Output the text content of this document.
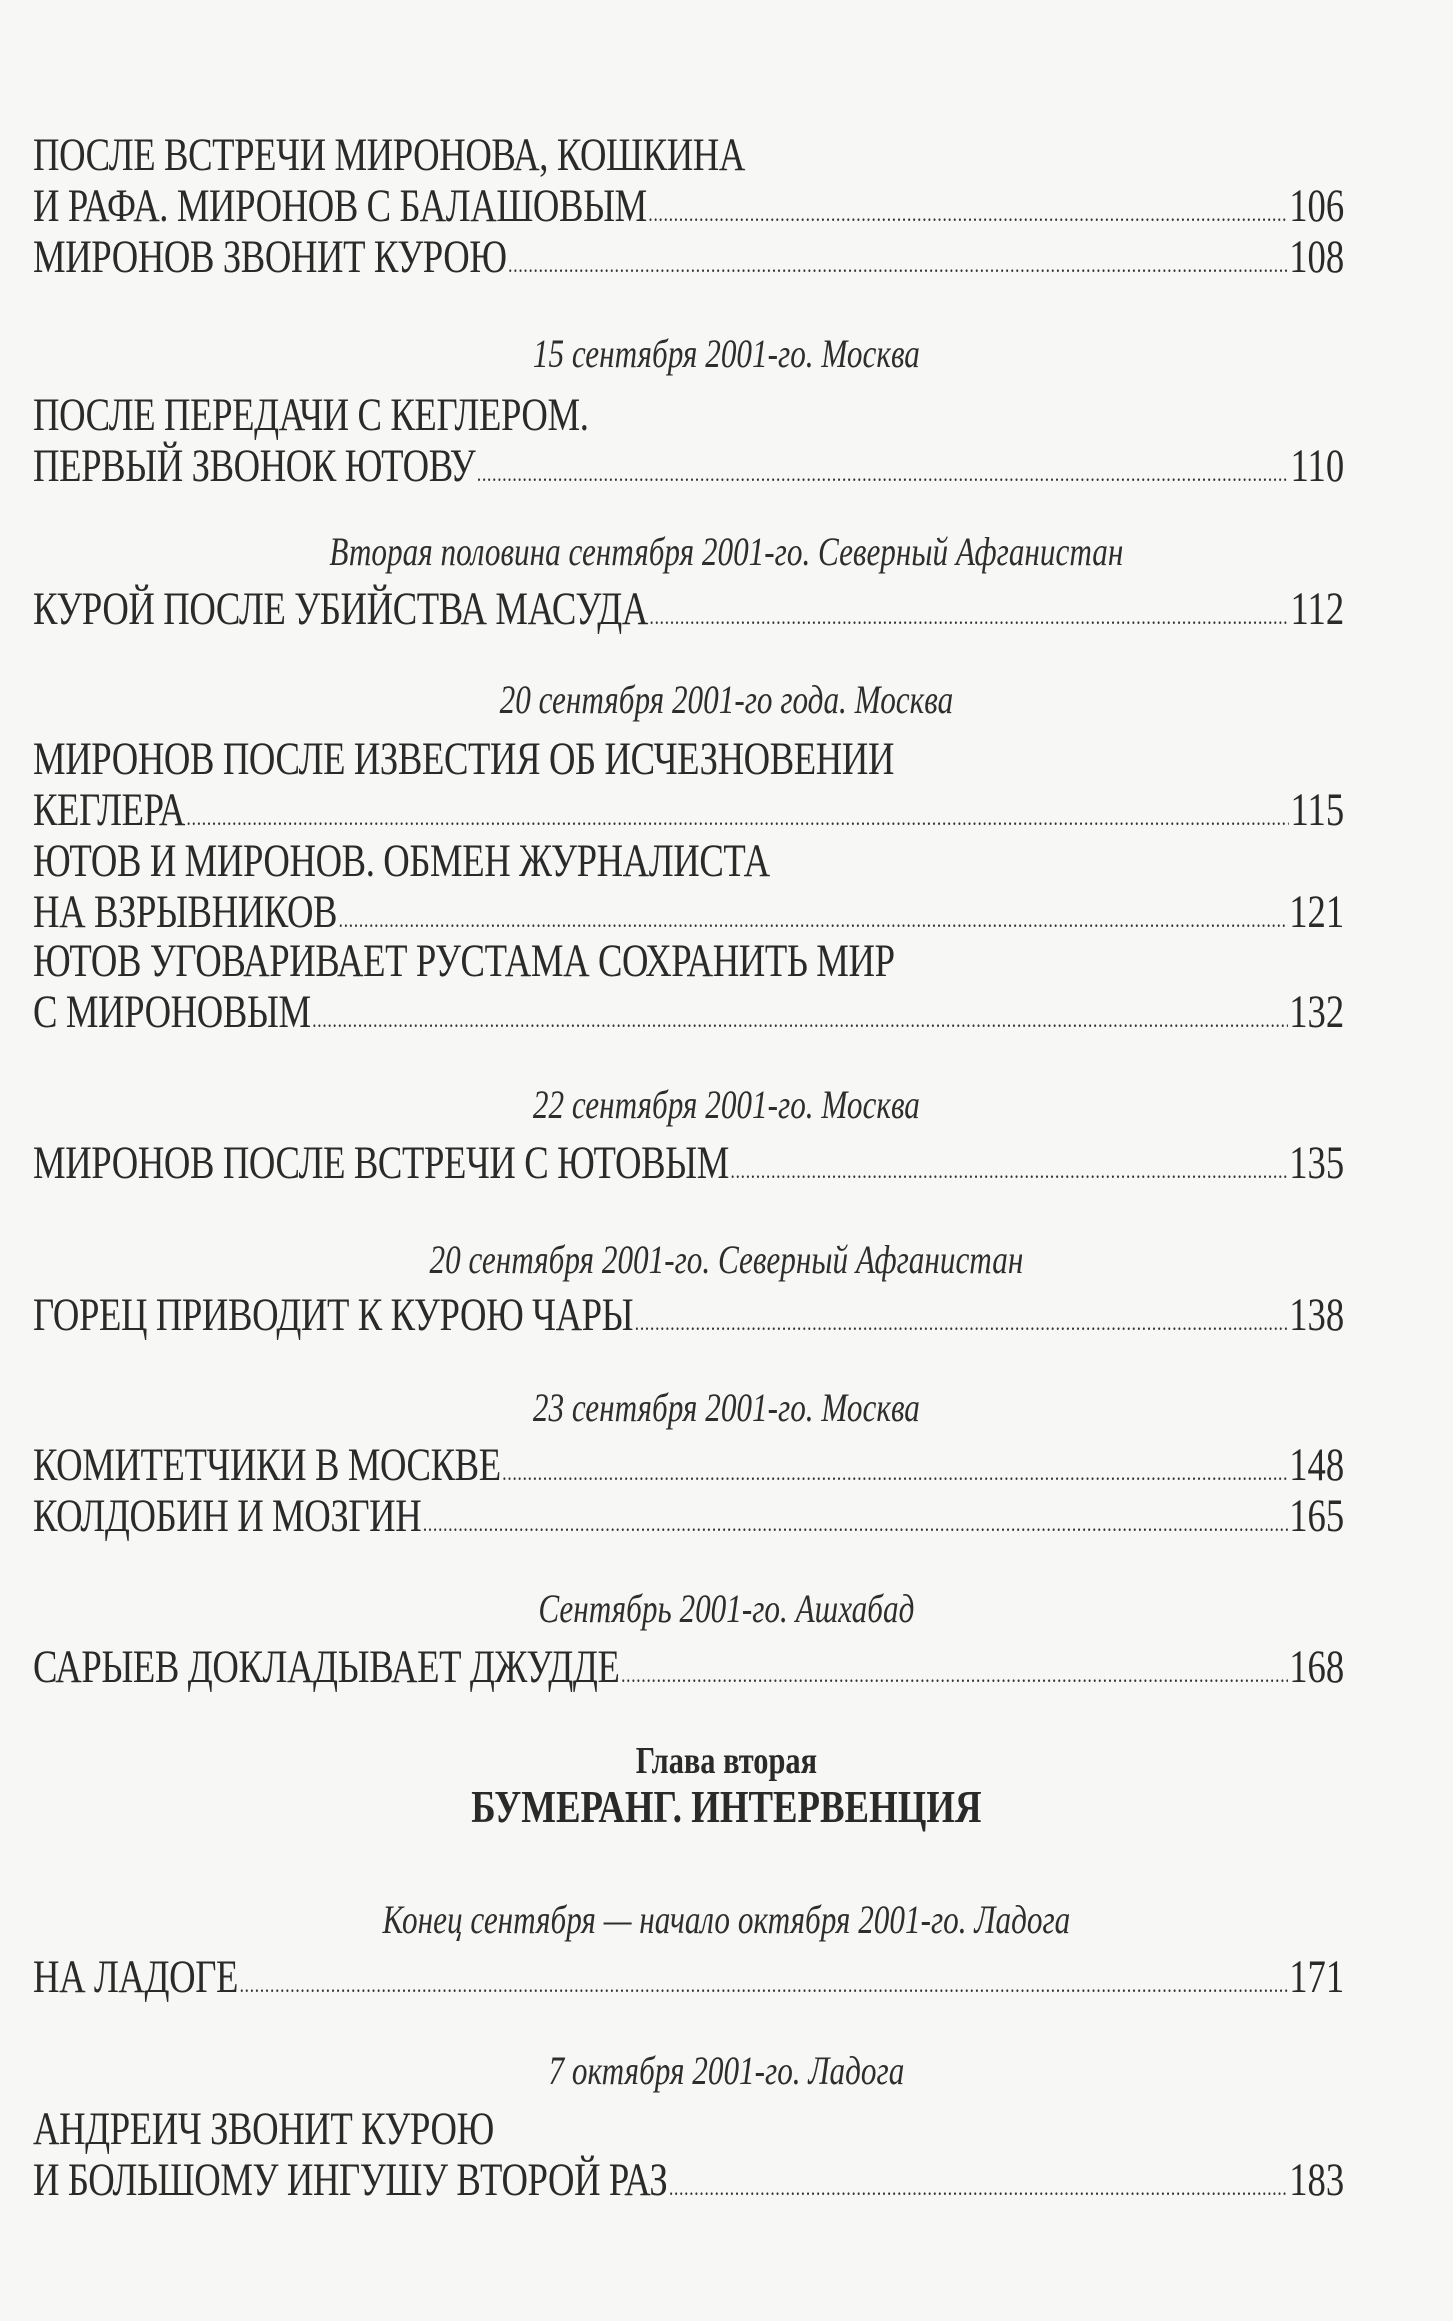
ПОСЛЕ ВСТРЕЧИ МИРОНОВА, КОШКИНА
И РАФА. МИРОНОВ С БАЛАШОВЫМ .....	106
МИРОНОВ ЗВОНИТ КУРОЮ .....	108
15 сентября 2001-го. Москва
ПОСЛЕ ПЕРЕДАЧИ С КЕГЛЕРОМ.
ПЕРВЫЙ ЗВОНОК ЮТОВУ .....	110
Вторая половина сентября 2001-го. Северный Афганистан
КУРОЙ ПОСЛЕ УБИЙСТВА МАСУДА .....	112
20 сентября 2001-го года. Москва
МИРОНОВ ПОСЛЕ ИЗВЕСТИЯ ОБ ИСЧЕЗНОВЕНИИ
КЕГЛЕРА .....	115
ЮТОВ И МИРОНОВ. ОБМЕН ЖУРНАЛИСТА
НА ВЗРЫВНИКОВ .....	121
ЮТОВ УГОВАРИВАЕТ РУСТАМА СОХРАНИТЬ МИР
С МИРОНОВЫМ .....	132
22 сентября 2001-го. Москва
МИРОНОВ ПОСЛЕ ВСТРЕЧИ С ЮТОВЫМ .....	135
20 сентября 2001-го. Северный Афганистан
ГОРЕЦ ПРИВОДИТ К КУРОЮ ЧАРЫ .....	138
23 сентября 2001-го. Москва
КОМИТЕТЧИКИ В МОСКВЕ .....	148
КОЛДОБИН И МОЗГИН .....	165
Сентябрь 2001-го. Ашхабад
САРЫЕВ ДОКЛАДЫВАЕТ ДЖУДДЕ .....	168
Глава вторая
БУМЕРАНГ. ИНТЕРВЕНЦИЯ
Конец сентября — начало октября 2001-го. Ладога
НА ЛАДОГЕ .....	171
7 октября 2001-го. Ладога
АНДРЕИЧ ЗВОНИТ КУРОЮ
И БОЛЬШОМУ ИНГУШУ ВТОРОЙ РАЗ .....	183
